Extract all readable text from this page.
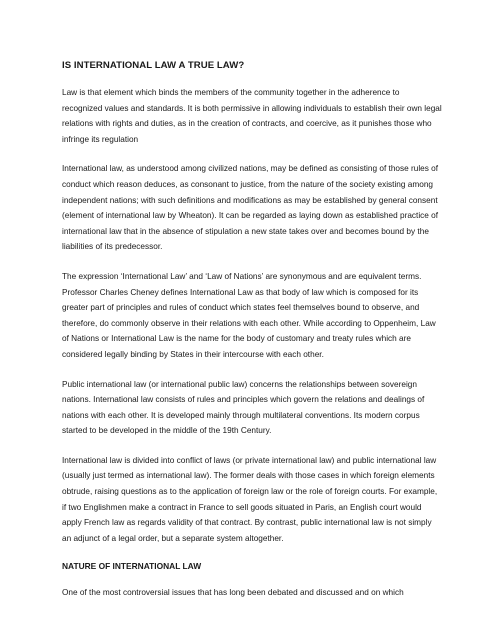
IS INTERNATIONAL LAW A TRUE LAW?

Law is that element which binds the members of the community together in the adherence to recognized values and standards. It is both permissive in allowing individuals to establish their own legal relations with rights and duties, as in the creation of contracts, and coercive, as it punishes those who infringe its regulation

International law, as understood among civilized nations, may be defined as consisting of those rules of conduct which reason deduces, as consonant to justice, from the nature of the society existing among independent nations; with such definitions and modifications as may be established by general consent (element of international law by Wheaton). It can be regarded as laying down as established practice of international law that in the absence of stipulation a new state takes over and becomes bound by the liabilities of its predecessor.

The expression ‘International Law’ and ‘Law of Nations’ are synonymous and are equivalent terms. Professor Charles Cheney defines International Law as that body of law which is composed for its greater part of principles and rules of conduct which states feel themselves bound to observe, and therefore, do commonly observe in their relations with each other. While according to Oppenheim, Law of Nations or International Law is the name for the body of customary and treaty rules which are considered legally binding by States in their intercourse with each other.

Public international law (or international public law) concerns the relationships between sovereign nations. International law consists of rules and principles which govern the relations and dealings of nations with each other. It is developed mainly through multilateral conventions. Its modern corpus started to be developed in the middle of the 19th Century.

International law is divided into conflict of laws (or private international law) and public international law (usually just termed as international law). The former deals with those cases in which foreign elements obtrude, raising questions as to the application of foreign law or the role of foreign courts. For example, if two Englishmen make a contract in France to sell goods situated in Paris, an English court would apply French law as regards validity of that contract. By contrast, public international law is not simply an adjunct of a legal order, but a separate system altogether.

NATURE OF INTERNATIONAL LAW

One of the most controversial issues that has long been debated and discussed and on which
